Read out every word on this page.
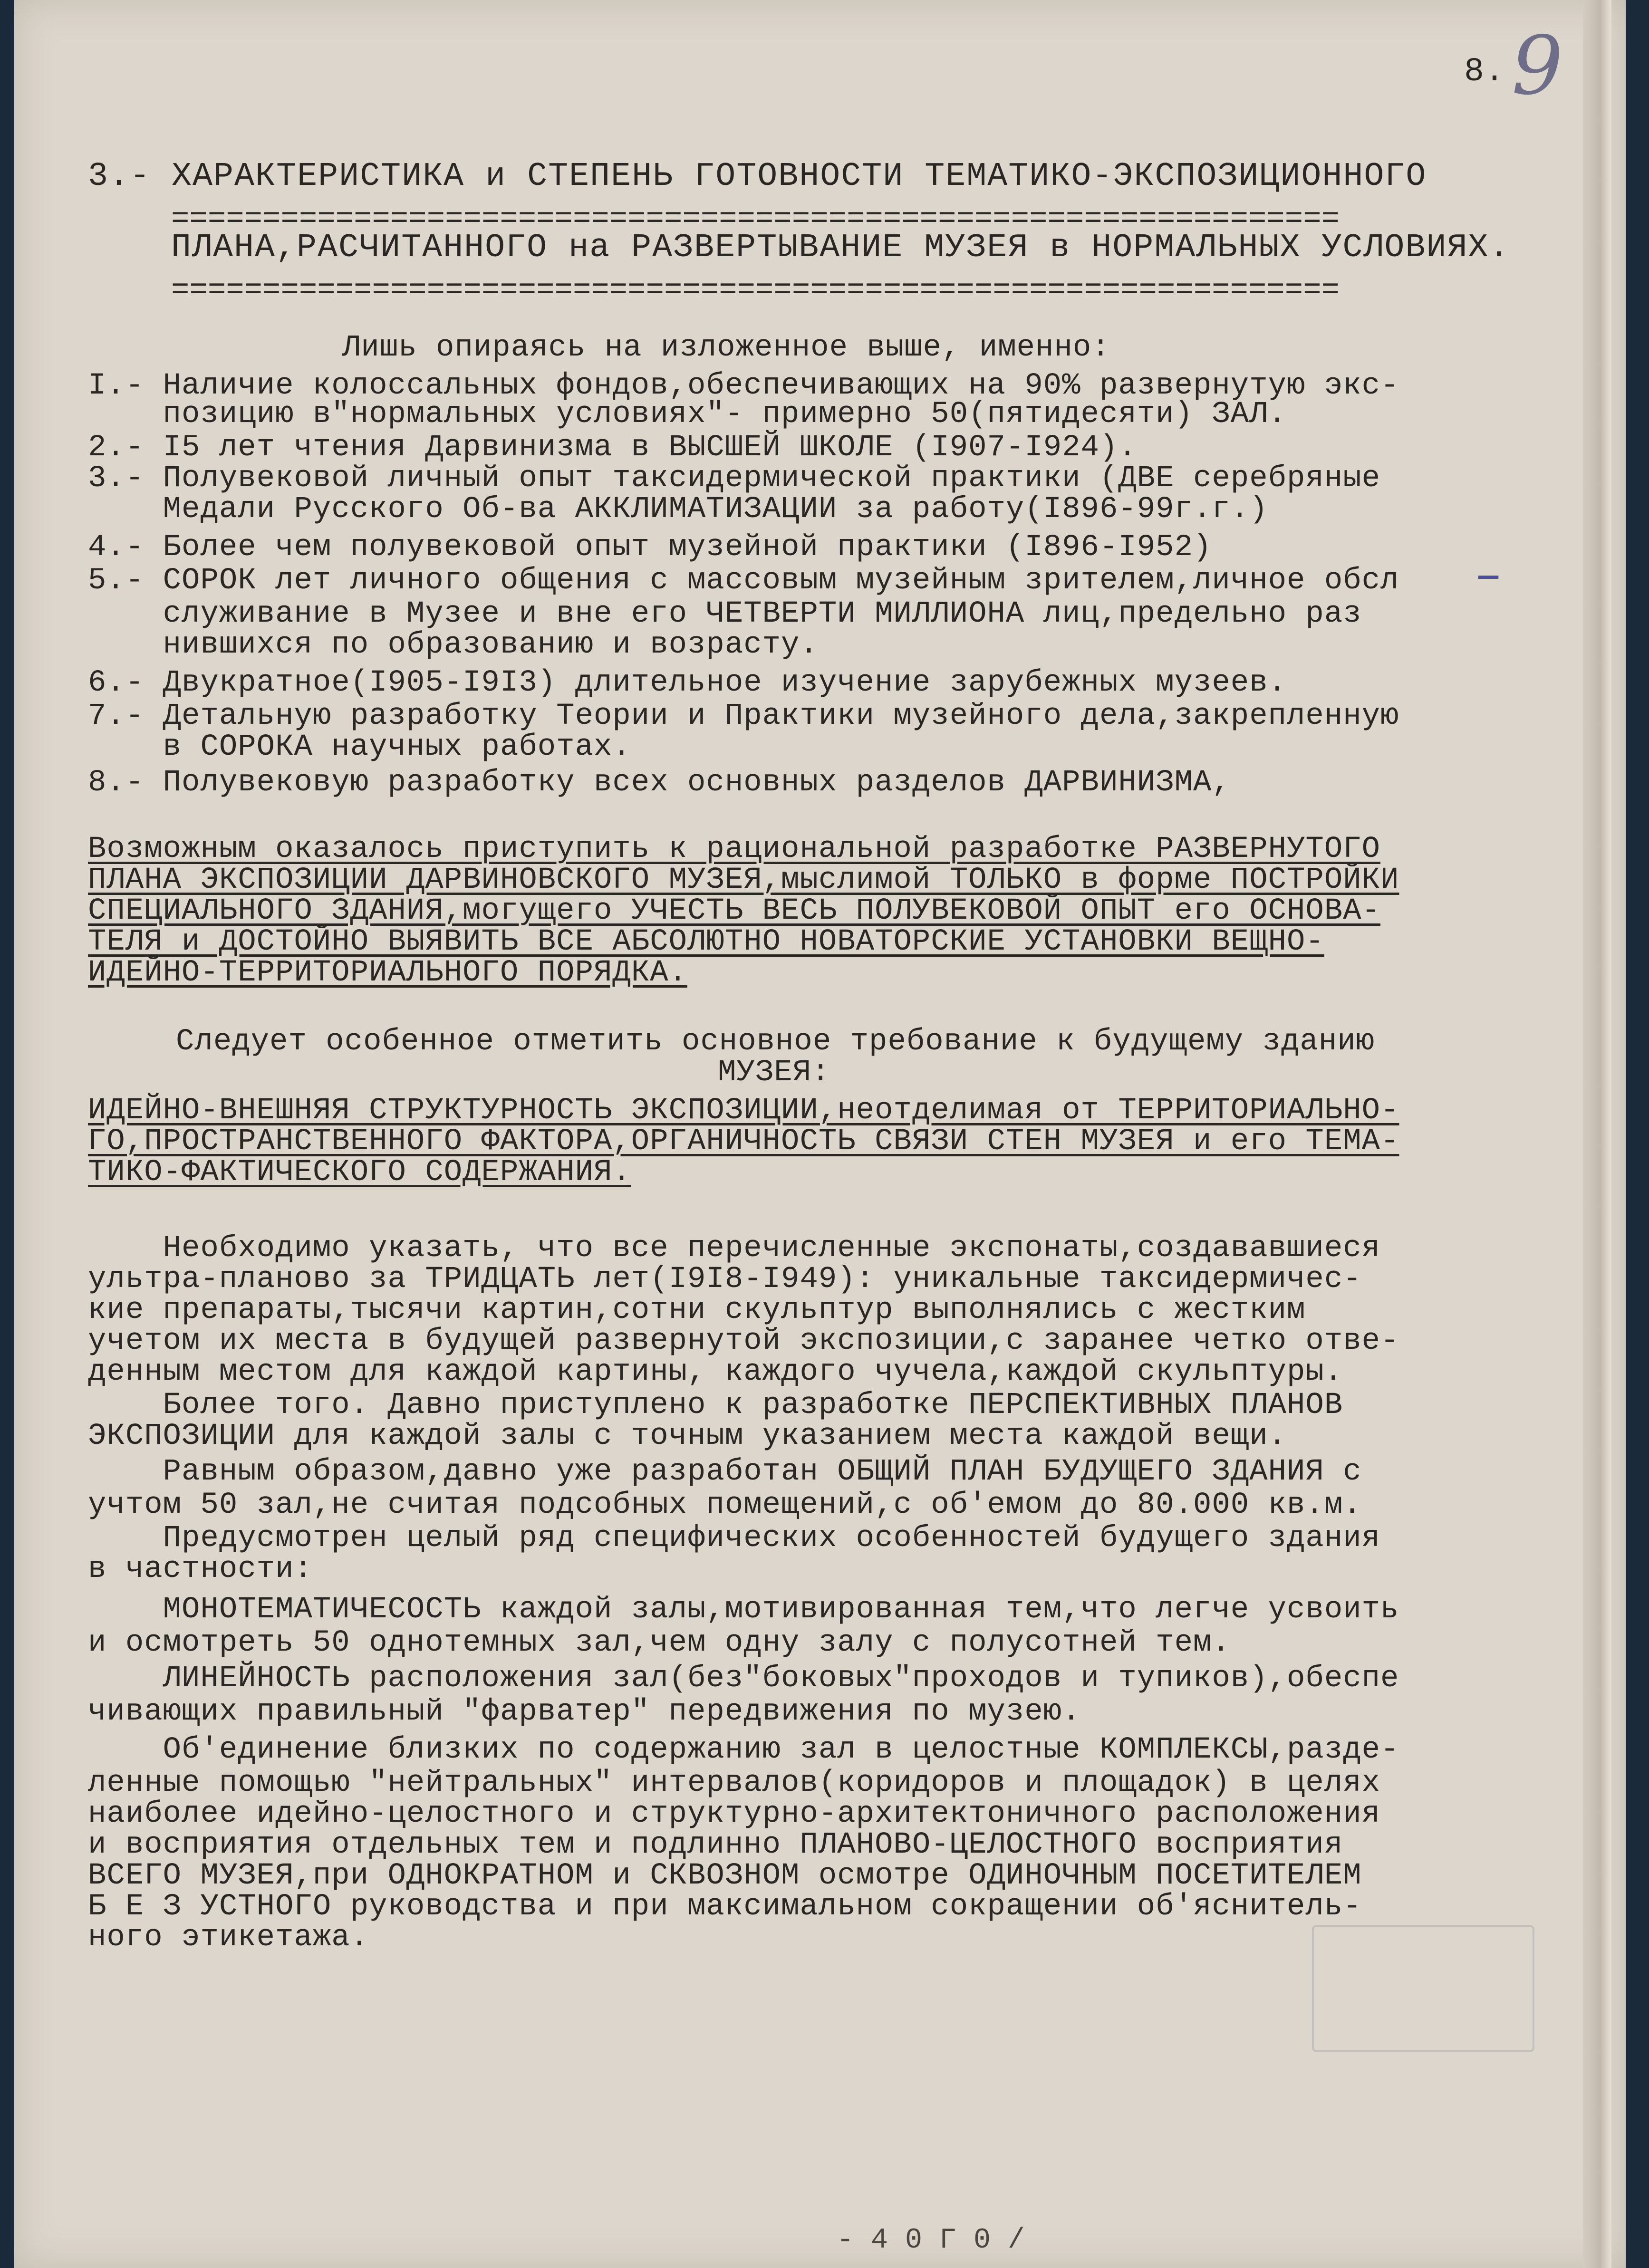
8. 9
3.- ХАРАКТЕРИСТИКА и СТЕПЕНЬ ГОТОВНОСТИ ТЕМАТИКО-ЭКСПОЗИЦИОННОГО
================================================================
ПЛАНА,РАСЧИТАННОГО на РАЗВЕРТЫВАНИЕ МУЗЕЯ в НОРМАЛЬНЫХ УСЛОВИЯХ.
================================================================
Лишь опираясь на изложенное выше, именно:
I.- Наличие колоссальных фондов,обеспечивающих на 90% развернутую экс-
позицию в"нормальных условиях"- примерно 50(пятидесяти) ЗАЛ.
2.- I5 лет чтения Дарвинизма в ВЫСШЕЙ ШКОЛЕ (I907-I924).
3.- Полувековой личный опыт таксидермической практики (ДВЕ серебряные
Медали Русского Об-ва АККЛИМАТИЗАЦИИ за работу(I896-99г.г.)
4.- Более чем полувековой опыт музейной практики (I896-I952)
5.- СОРОК лет личного общения с массовым музейным зрителем,личное обсл
служивание в Музее и вне его ЧЕТВЕРТИ МИЛЛИОНА лиц,предельно раз
нившихся по образованию и возрасту.
6.- Двукратное(I905-I9I3) длительное изучение зарубежных музеев.
7.- Детальную разработку Теории и Практики музейного дела,закрепленную
в СОРОКА научных работах.
8.- Полувековую разработку всех основных разделов ДАРВИНИЗМА,
—
Возможным оказалось приступить к рациональной разработке РАЗВЕРНУТОГО
ПЛАНА ЭКСПОЗИЦИИ ДАРВИНОВСКОГО МУЗЕЯ,мыслимой ТОЛЬКО в форме ПОСТРОЙКИ
СПЕЦИАЛЬНОГО ЗДАНИЯ,могущего УЧЕСТЬ ВЕСЬ ПОЛУВЕКОВОЙ ОПЫТ его ОСНОВА-
ТЕЛЯ и ДОСТОЙНО ВЫЯВИТЬ ВСЕ АБСОЛЮТНО НОВАТОРСКИЕ УСТАНОВКИ ВЕЩНО-
ИДЕЙНО-ТЕРРИТОРИАЛЬНОГО ПОРЯДКА.
Следует особенное отметить основное требование к будущему зданию
МУЗЕЯ:
ИДЕЙНО-ВНЕШНЯЯ СТРУКТУРНОСТЬ ЭКСПОЗИЦИИ,неотделимая от ТЕРРИТОРИАЛЬНО-
ГО,ПРОСТРАНСТВЕННОГО ФАКТОРА,ОРГАНИЧНОСТЬ СВЯЗИ СТЕН МУЗЕЯ и его ТЕМА-
ТИКО-ФАКТИЧЕСКОГО СОДЕРЖАНИЯ.
Необходимо указать, что все перечисленные экспонаты,создававшиеся
ультра-планово за ТРИДЦАТЬ лет(I9I8-I949): уникальные таксидермичес-
кие препараты,тысячи картин,сотни скульптур выполнялись с жестким
учетом их места в будущей развернутой экспозиции,с заранее четко отве-
денным местом для каждой картины, каждого чучела,каждой скульптуры.
Более того. Давно приступлено к разработке ПЕРСПЕКТИВНЫХ ПЛАНОВ
ЭКСПОЗИЦИИ для каждой залы с точным указанием места каждой вещи.
Равным образом,давно уже разработан ОБЩИЙ ПЛАН БУДУЩЕГО ЗДАНИЯ с
учтом 50 зал,не считая подсобных помещений,с об'емом до 80.000 кв.м.
Предусмотрен целый ряд специфических особенностей будущего здания
в частности:
МОНОТЕМАТИЧЕСОСТЬ каждой залы,мотивированная тем,что легче усвоить
и осмотреть 50 однотемных зал,чем одну залу с полусотней тем.
ЛИНЕЙНОСТЬ расположения зал(без"боковых"проходов и тупиков),обеспе
чивающих правильный "фарватер" передвижения по музею.
Об'единение близких по содержанию зал в целостные КОМПЛЕКСЫ,разде-
ленные помощью "нейтральных" интервалов(коридоров и площадок) в целях
наиболее идейно-целостного и структурно-архитектоничного расположения
и восприятия отдельных тем и подлинно ПЛАНОВО-ЦЕЛОСТНОГО восприятия
ВСЕГО МУЗЕЯ,при ОДНОКРАТНОМ и СКВОЗНОМ осмотре ОДИНОЧНЫМ ПОСЕТИТЕЛЕМ
Б Е З УСТНОГО руководства и при максимальном сокращении об'яснитель-
ного этикетажа.
- 4 0 Г 0 /
